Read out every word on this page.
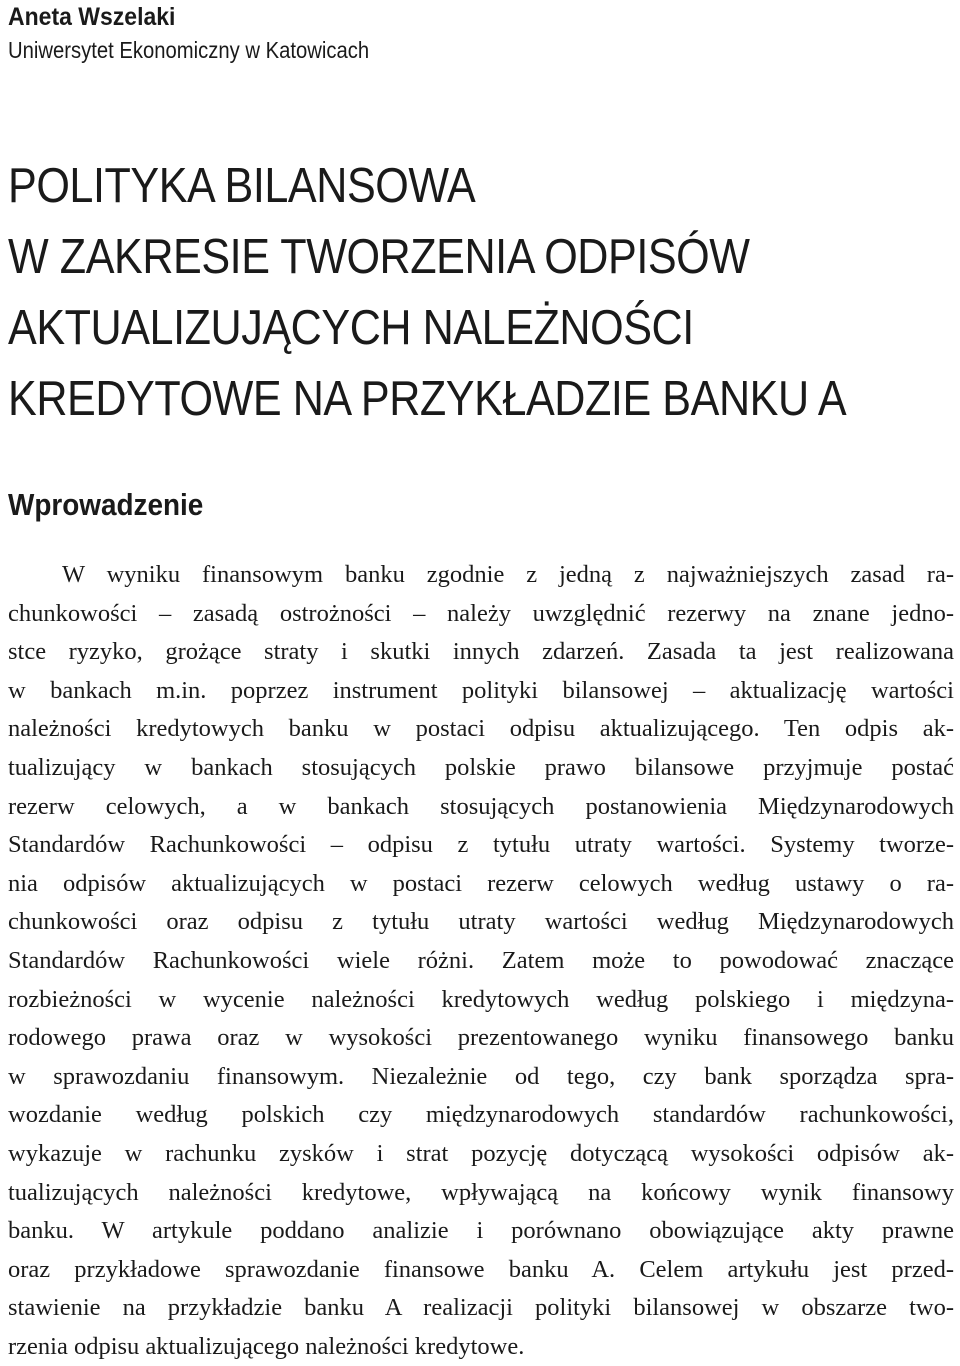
Aneta Wszelaki

Uniwersytet Ekonomiczny w Katowicach

POLITYKA BILANSOWA
W ZAKRESIE TWORZENIA ODPISÓW
AKTUALIZUJĄCYCH NALEŻNOŚCI
KREDYTOWE NA PRZYKŁADZIE BANKU A
Wprowadzenie
W wyniku finansowym banku zgodnie z jedną z najważniejszych zasad ra-
chunkowości – zasadą ostrożności – należy uwzględnić rezerwy na znane jedno-
stce ryzyko, grożące straty i skutki innych zdarzeń. Zasada ta jest realizowana
w bankach m.in. poprzez instrument polityki bilansowej – aktualizację wartości
należności kredytowych banku w postaci odpisu aktualizującego. Ten odpis ak-
tualizujący w bankach stosujących polskie prawo bilansowe przyjmuje postać
rezerw celowych, a w bankach stosujących postanowienia Międzynarodowych
Standardów Rachunkowości – odpisu z tytułu utraty wartości. Systemy tworze-
nia odpisów aktualizujących w postaci rezerw celowych według ustawy o ra-
chunkowości oraz odpisu z tytułu utraty wartości według Międzynarodowych
Standardów Rachunkowości wiele różni. Zatem może to powodować znaczące
rozbieżności w wycenie należności kredytowych według polskiego i międzyna-
rodowego prawa oraz w wysokości prezentowanego wyniku finansowego banku
w sprawozdaniu finansowym. Niezależnie od tego, czy bank sporządza spra-
wozdanie według polskich czy międzynarodowych standardów rachunkowości,
wykazuje w rachunku zysków i strat pozycję dotyczącą wysokości odpisów ak-
tualizujących należności kredytowe, wpływającą na końcowy wynik finansowy
banku. W artykule poddano analizie i porównano obowiązujące akty prawne
oraz przykładowe sprawozdanie finansowe banku A. Celem artykułu jest przed-
stawienie na przykładzie banku A realizacji polityki bilansowej w obszarze two-
rzenia odpisu aktualizującego należności kredytowe.
